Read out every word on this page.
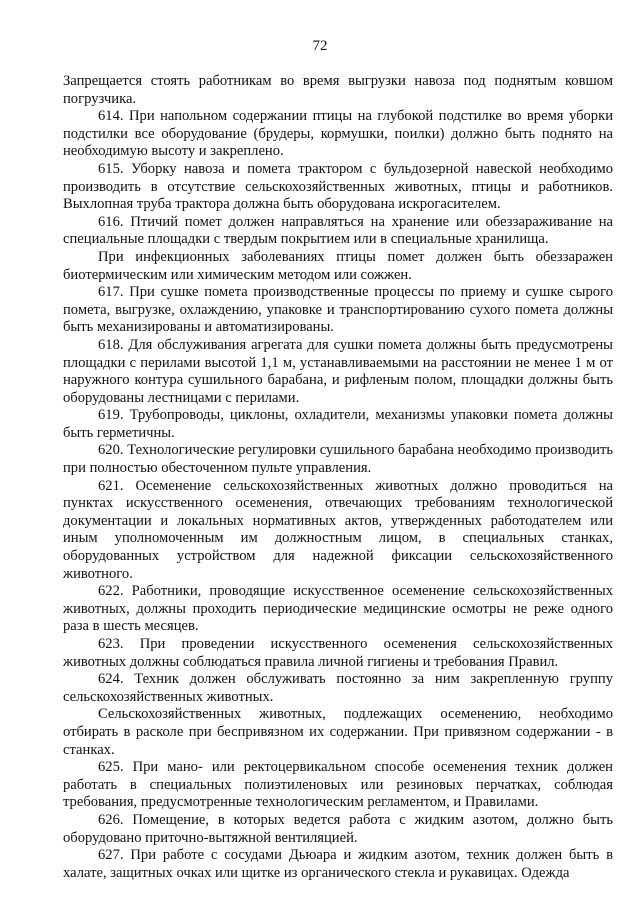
72

Запрещается стоять работникам во время выгрузки навоза под поднятым ковшом погрузчика.

614. При напольном содержании птицы на глубокой подстилке во время уборки подстилки все оборудование (брудеры, кормушки, поилки) должно быть поднято на необходимую высоту и закреплено.

615. Уборку навоза и помета трактором с бульдозерной навеской необходимо производить в отсутствие сельскохозяйственных животных, птицы и работников. Выхлопная труба трактора должна быть оборудована искрогасителем.

616. Птичий помет должен направляться на хранение или обеззараживание на специальные площадки с твердым покрытием или в специальные хранилища.

При инфекционных заболеваниях птицы помет должен быть обеззаражен биотермическим или химическим методом или сожжен.

617. При сушке помета производственные процессы по приему и сушке сырого помета, выгрузке, охлаждению, упаковке и транспортированию сухого помета должны быть механизированы и автоматизированы.

618. Для обслуживания агрегата для сушки помета должны быть предусмотрены площадки с перилами высотой 1,1 м, устанавливаемыми на расстоянии не менее 1 м от наружного контура сушильного барабана, и рифленым полом, площадки должны быть оборудованы лестницами с перилами.

619. Трубопроводы, циклоны, охладители, механизмы упаковки помета должны быть герметичны.

620. Технологические регулировки сушильного барабана необходимо производить при полностью обесточенном пульте управления.

621. Осеменение сельскохозяйственных животных должно проводиться на пунктах искусственного осеменения, отвечающих требованиям технологической документации и локальных нормативных актов, утвержденных работодателем или иным уполномоченным им должностным лицом, в специальных станках, оборудованных устройством для надежной фиксации сельскохозяйственного животного.

622. Работники, проводящие искусственное осеменение сельскохозяйственных животных, должны проходить периодические медицинские осмотры не реже одного раза в шесть месяцев.

623. При проведении искусственного осеменения сельскохозяйственных животных должны соблюдаться правила личной гигиены и требования Правил.

624. Техник должен обслуживать постоянно за ним закрепленную группу сельскохозяйственных животных.

Сельскохозяйственных животных, подлежащих осеменению, необходимо отбирать в расколе при беспривязном их содержании. При привязном содержании - в станках.

625. При мано- или ректоцервикальном способе осеменения техник должен работать в специальных полиэтиленовых или резиновых перчатках, соблюдая требования, предусмотренные технологическим регламентом, и Правилами.

626. Помещение, в которых ведется работа с жидким азотом, должно быть оборудовано приточно-вытяжной вентиляцией.

627. При работе с сосудами Дьюара и жидким азотом, техник должен быть в халате, защитных очках или щитке из органического стекла и рукавицах. Одежда
